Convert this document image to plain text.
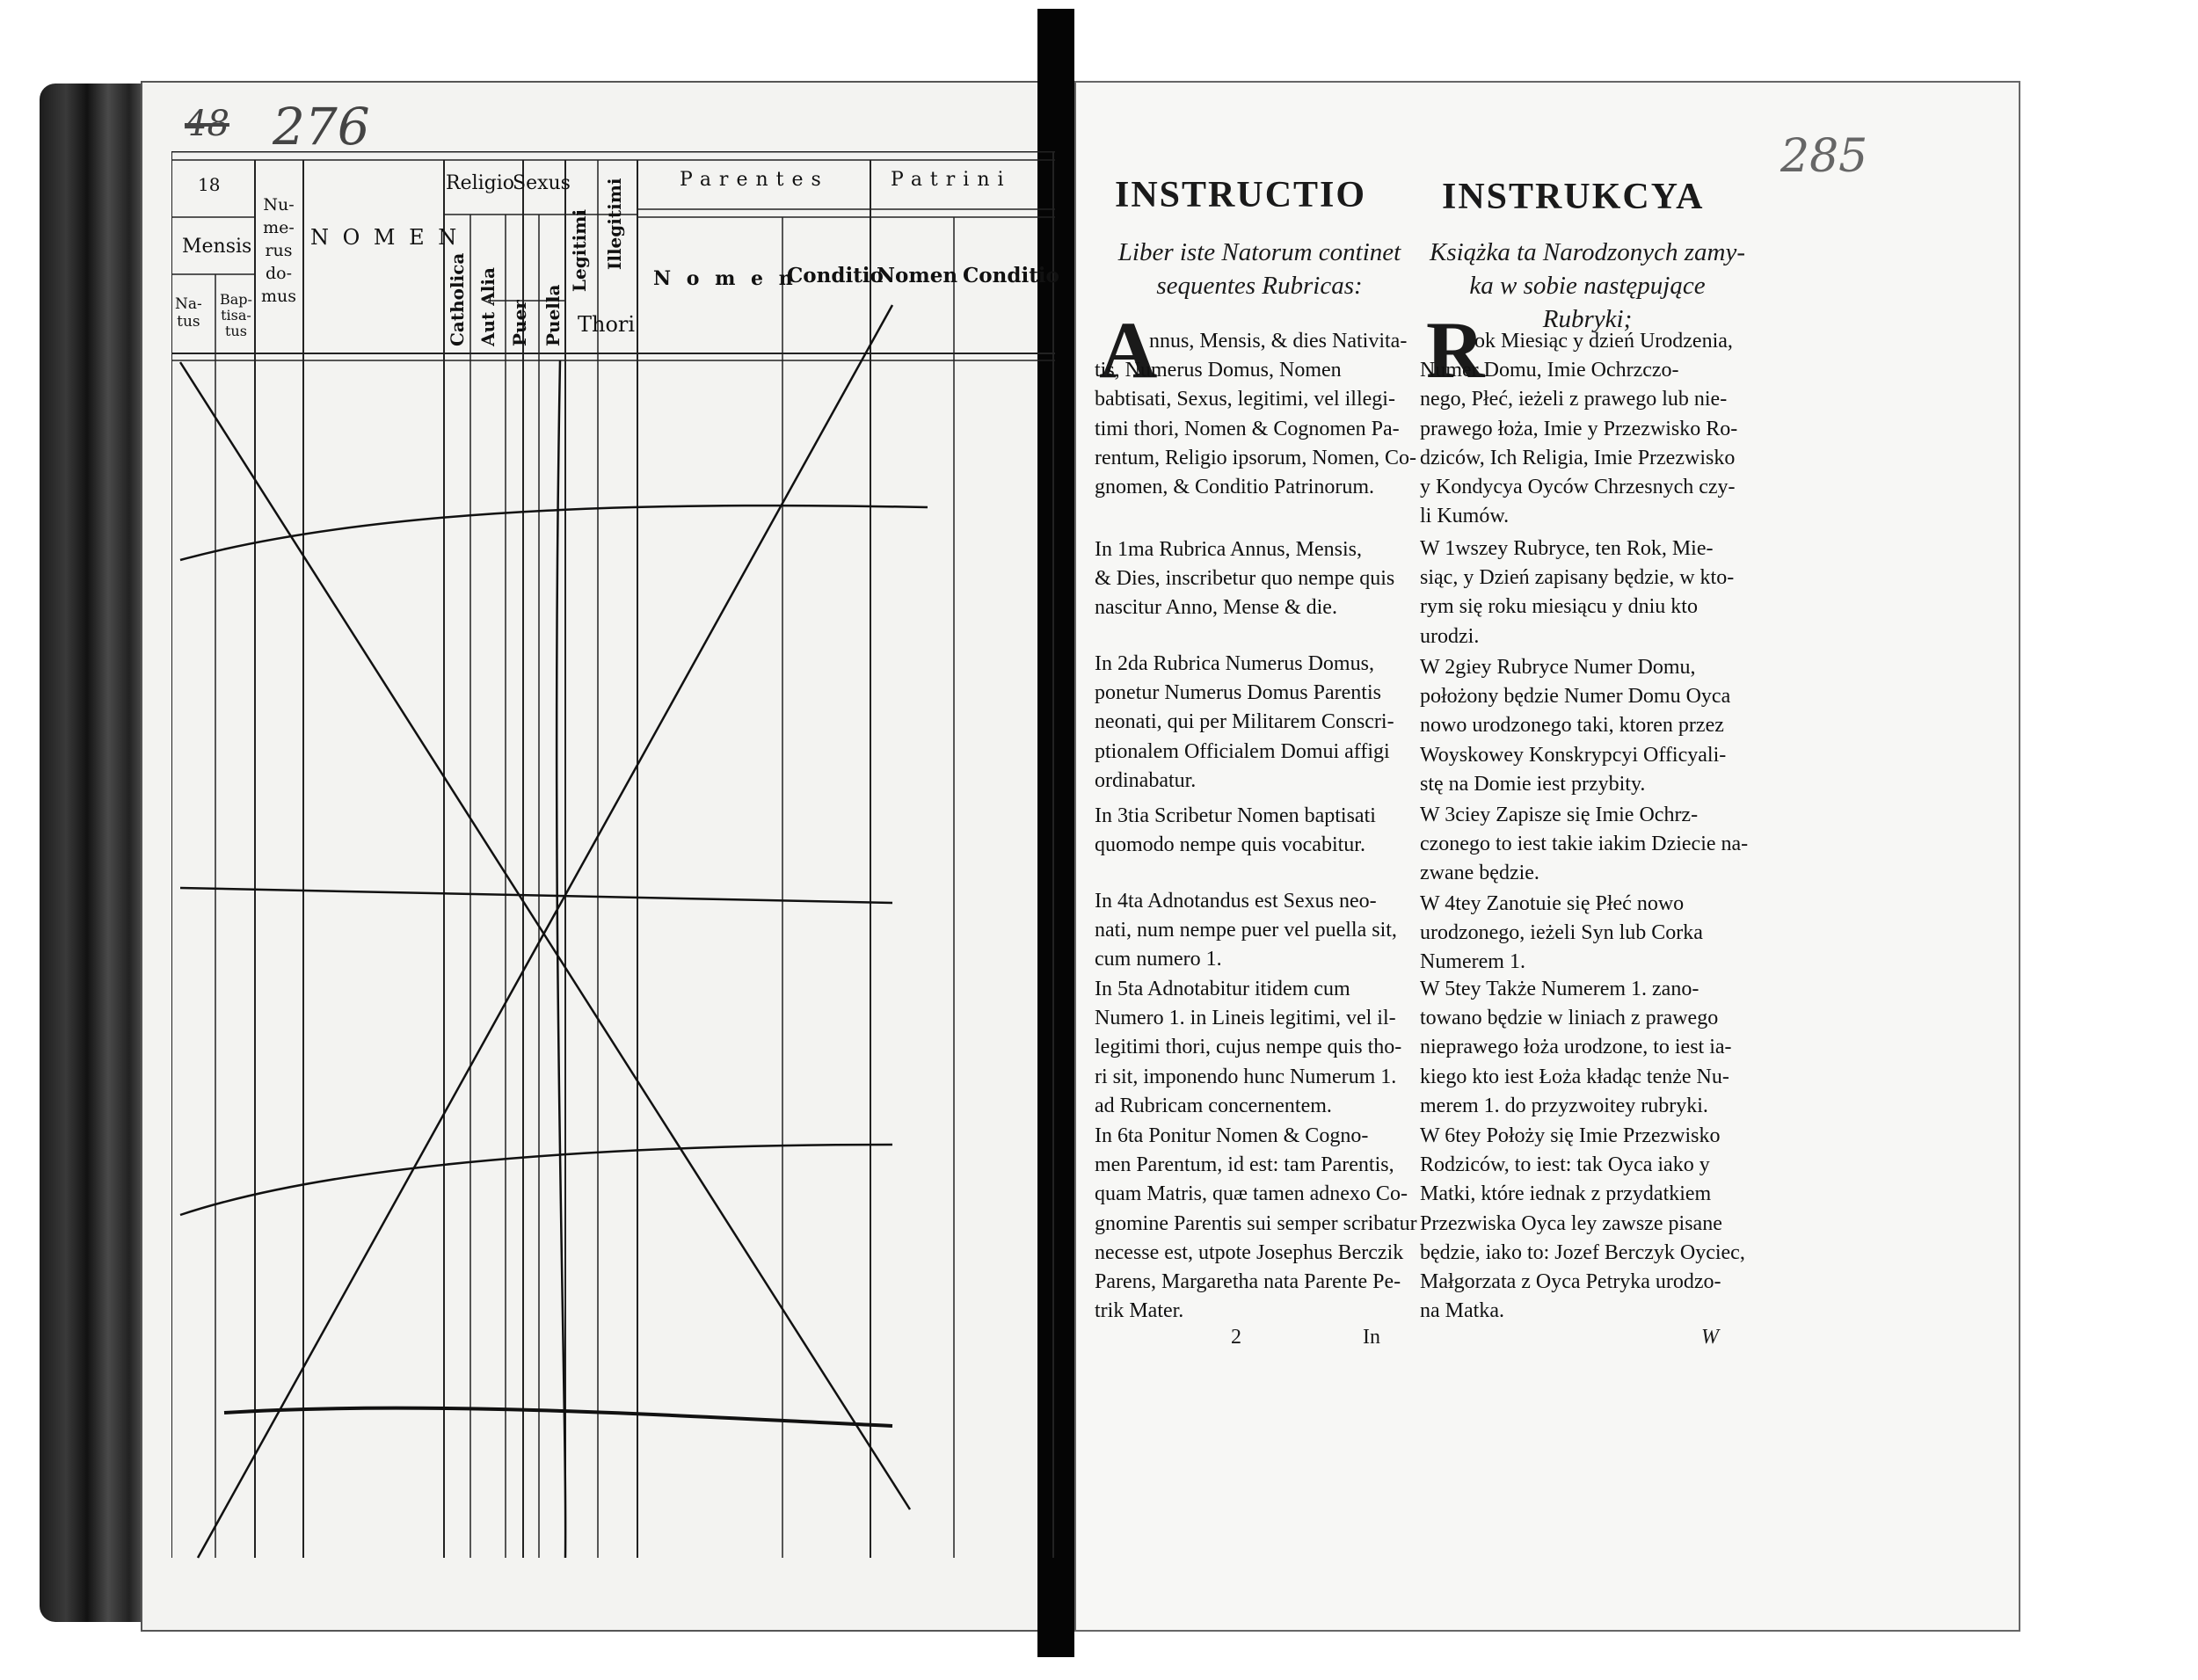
48 276
18
Mensis
Na-
tus
Bap-
tisa-
tus
Nu-
me-
rus
do-
mus
N O M E N
Religio
Sexus
Catholica Aut Alia Puer Puella
Legitimi Illegitimi
Thori
Parentes
N o m e n
Conditio
Patrini
Nomen Conditio
285
INSTRUCTIO INSTRUKCYA
Liber iste Natorum continet
sequentes Rubricas:
Książka ta Narodzonych zamy-
ka w sobie następujące Rubryki;
A
nnus, Mensis, & dies Nativita-
tis, Numerus Domus, Nomen
babtisati, Sexus, legitimi, vel illegi-
timi thori, Nomen & Cognomen Pa-
rentum, Religio ipsorum, Nomen, Co-
gnomen, & Conditio Patrinorum.
In 1ma Rubrica Annus, Mensis,
& Dies, inscribetur quo nempe quis
nascitur Anno, Mense & die.
In 2da Rubrica Numerus Domus,
ponetur Numerus Domus Parentis
neonati, qui per Militarem Conscri-
ptionalem Officialem Domui affigi
ordinabatur.
In 3tia Scribetur Nomen baptisati
quomodo nempe quis vocabitur.
In 4ta Adnotandus est Sexus neo-
nati, num nempe puer vel puella sit,
cum numero 1.
In 5ta Adnotabitur itidem cum
Numero 1. in Lineis legitimi, vel il-
legitimi thori, cujus nempe quis tho-
ri sit, imponendo hunc Numerum 1.
ad Rubricam concernentem.
In 6ta Ponitur Nomen & Cogno-
men Parentum, id est: tam Parentis,
quam Matris, quæ tamen adnexo Co-
gnomine Parentis sui semper scribatur
necesse est, utpote Josephus Berczik
Parens, Margaretha nata Parente Pe-
trik Mater.
2	In
R
ok Miesiąc y dzień Urodzenia,
Numer Domu, Imie Ochrzczo-
nego, Płeć, ieżeli z prawego lub nie-
prawego łoża, Imie y Przezwisko Ro-
dziców, Ich Religia, Imie Przezwisko
y Kondycya Oyców Chrzesnych czy-
li Kumów.
W 1wszey Rubryce, ten Rok, Mie-
siąc, y Dzień zapisany będzie, w kto-
rym się roku miesiącu y dniu kto
urodzi.
W 2giey Rubryce Numer Domu,
położony będzie Numer Domu Oyca
nowo urodzonego taki, ktoren przez
Woyskowey Konskrypcyi Officyali-
stę na Domie iest przybity.
W 3ciey Zapisze się Imie Ochrz-
czonego to iest takie iakim Dziecie na-
zwane będzie.
W 4tey Zanotuie się Płeć nowo
urodzonego, ieżeli Syn lub Corka
Numerem 1.
W 5tey Także Numerem 1. zano-
towano będzie w liniach z prawego
nieprawego łoża urodzone, to iest ia-
kiego kto iest Łoża kładąc tenże Nu-
merem 1. do przyzwoitey rubryki.
W 6tey Położy się Imie Przezwisko
Rodziców, to iest: tak Oyca iako y
Matki, które iednak z przydatkiem
Przezwiska Oyca ley zawsze pisane
będzie, iako to: Jozef Berczyk Oyciec,
Małgorzata z Oyca Petryka urodzo-
na Matka.
W
